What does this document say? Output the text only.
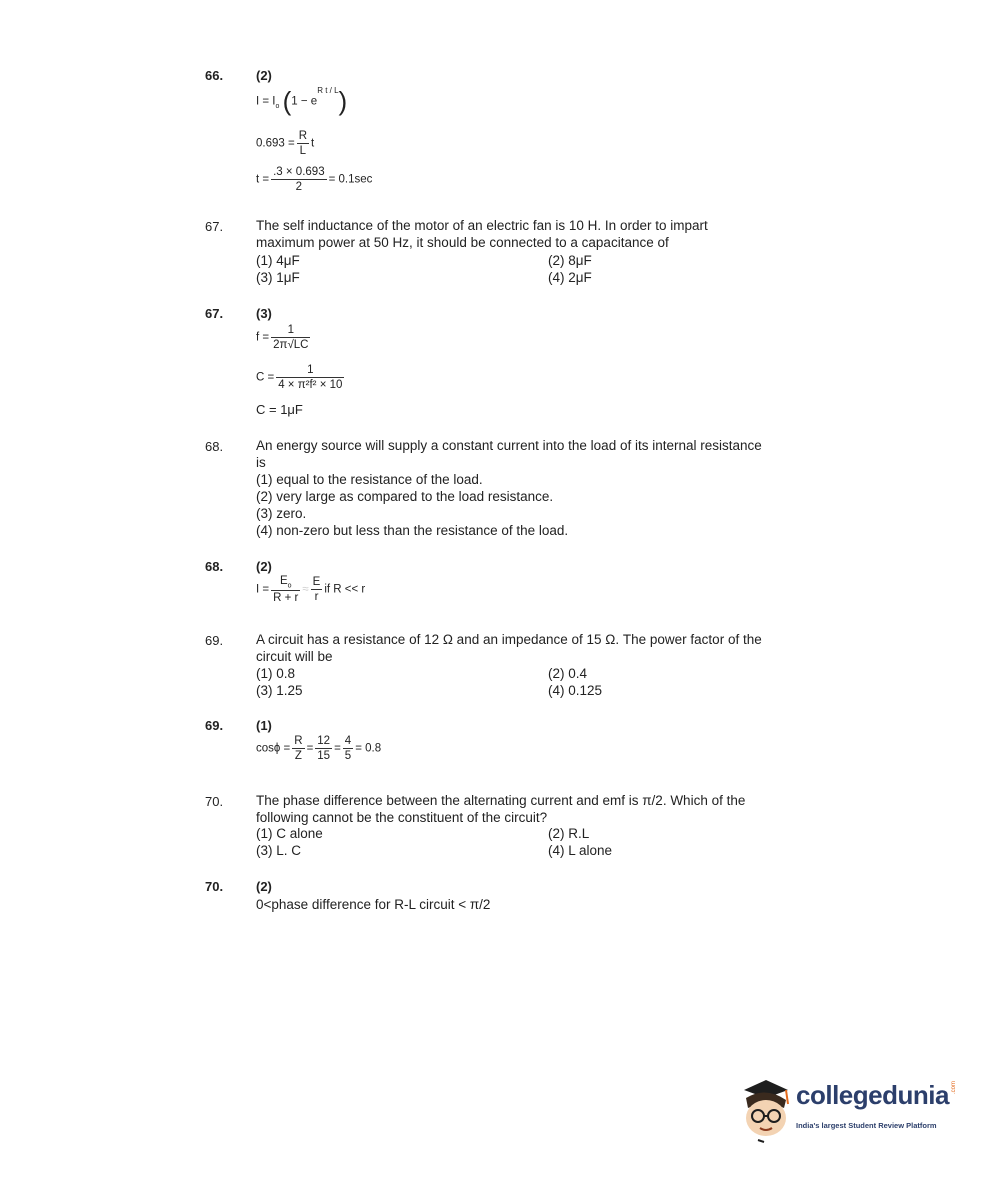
66.	(2)
$I = I_o$ $(1 - e^{R t / L})$
$0.693 = \frac{R}{L}$ t
$t = \frac{.3 \times 0.693}{2} = 0.1\sec$
67. The self inductance of the motor of an electric fan is 10 H. In order to impart
maximum power at 50 Hz, it should be connected to a capacitance of
(1) 4μF	(2) 8μF
(3) 1μF	(4) 2μF
67.	(3)
$f = \frac{1}{2\pi√LC}$
$C = \frac{1}{\text{4 × π²f² × 10}}$
C = 1μF
68. An energy source will supply a constant current into the load of its internal resistance
is
(1) equal to the resistance of the load.
(2) very large as compared to the load resistance.
(3) zero.
(4) non-zero but less than the resistance of the load.
68.	(2)
$I = \frac{E_o}{R + r} \approx \frac{E}{r}$ if R << r
69. A circuit has a resistance of 12 Ω and an impedance of 15 Ω. The power factor of the
circuit will be
(1) 0.8	(2) 0.4
(3) 1.25	(4) 0.125
69.	(1)
$\cos\phi = \frac{R}{Z} = \frac{12}{15} = \frac{4}{5} = 0.8$
70. The phase difference between the alternating current and emf is π/2. Which of the
following cannot be the constituent of the circuit?
(1) C alone	(2) R.L
(3) L. C	(4) L alone
70.	(2)
0<phase difference for R-L circuit < π/2
collegedunia
India's largest Student Review Platform
.com
